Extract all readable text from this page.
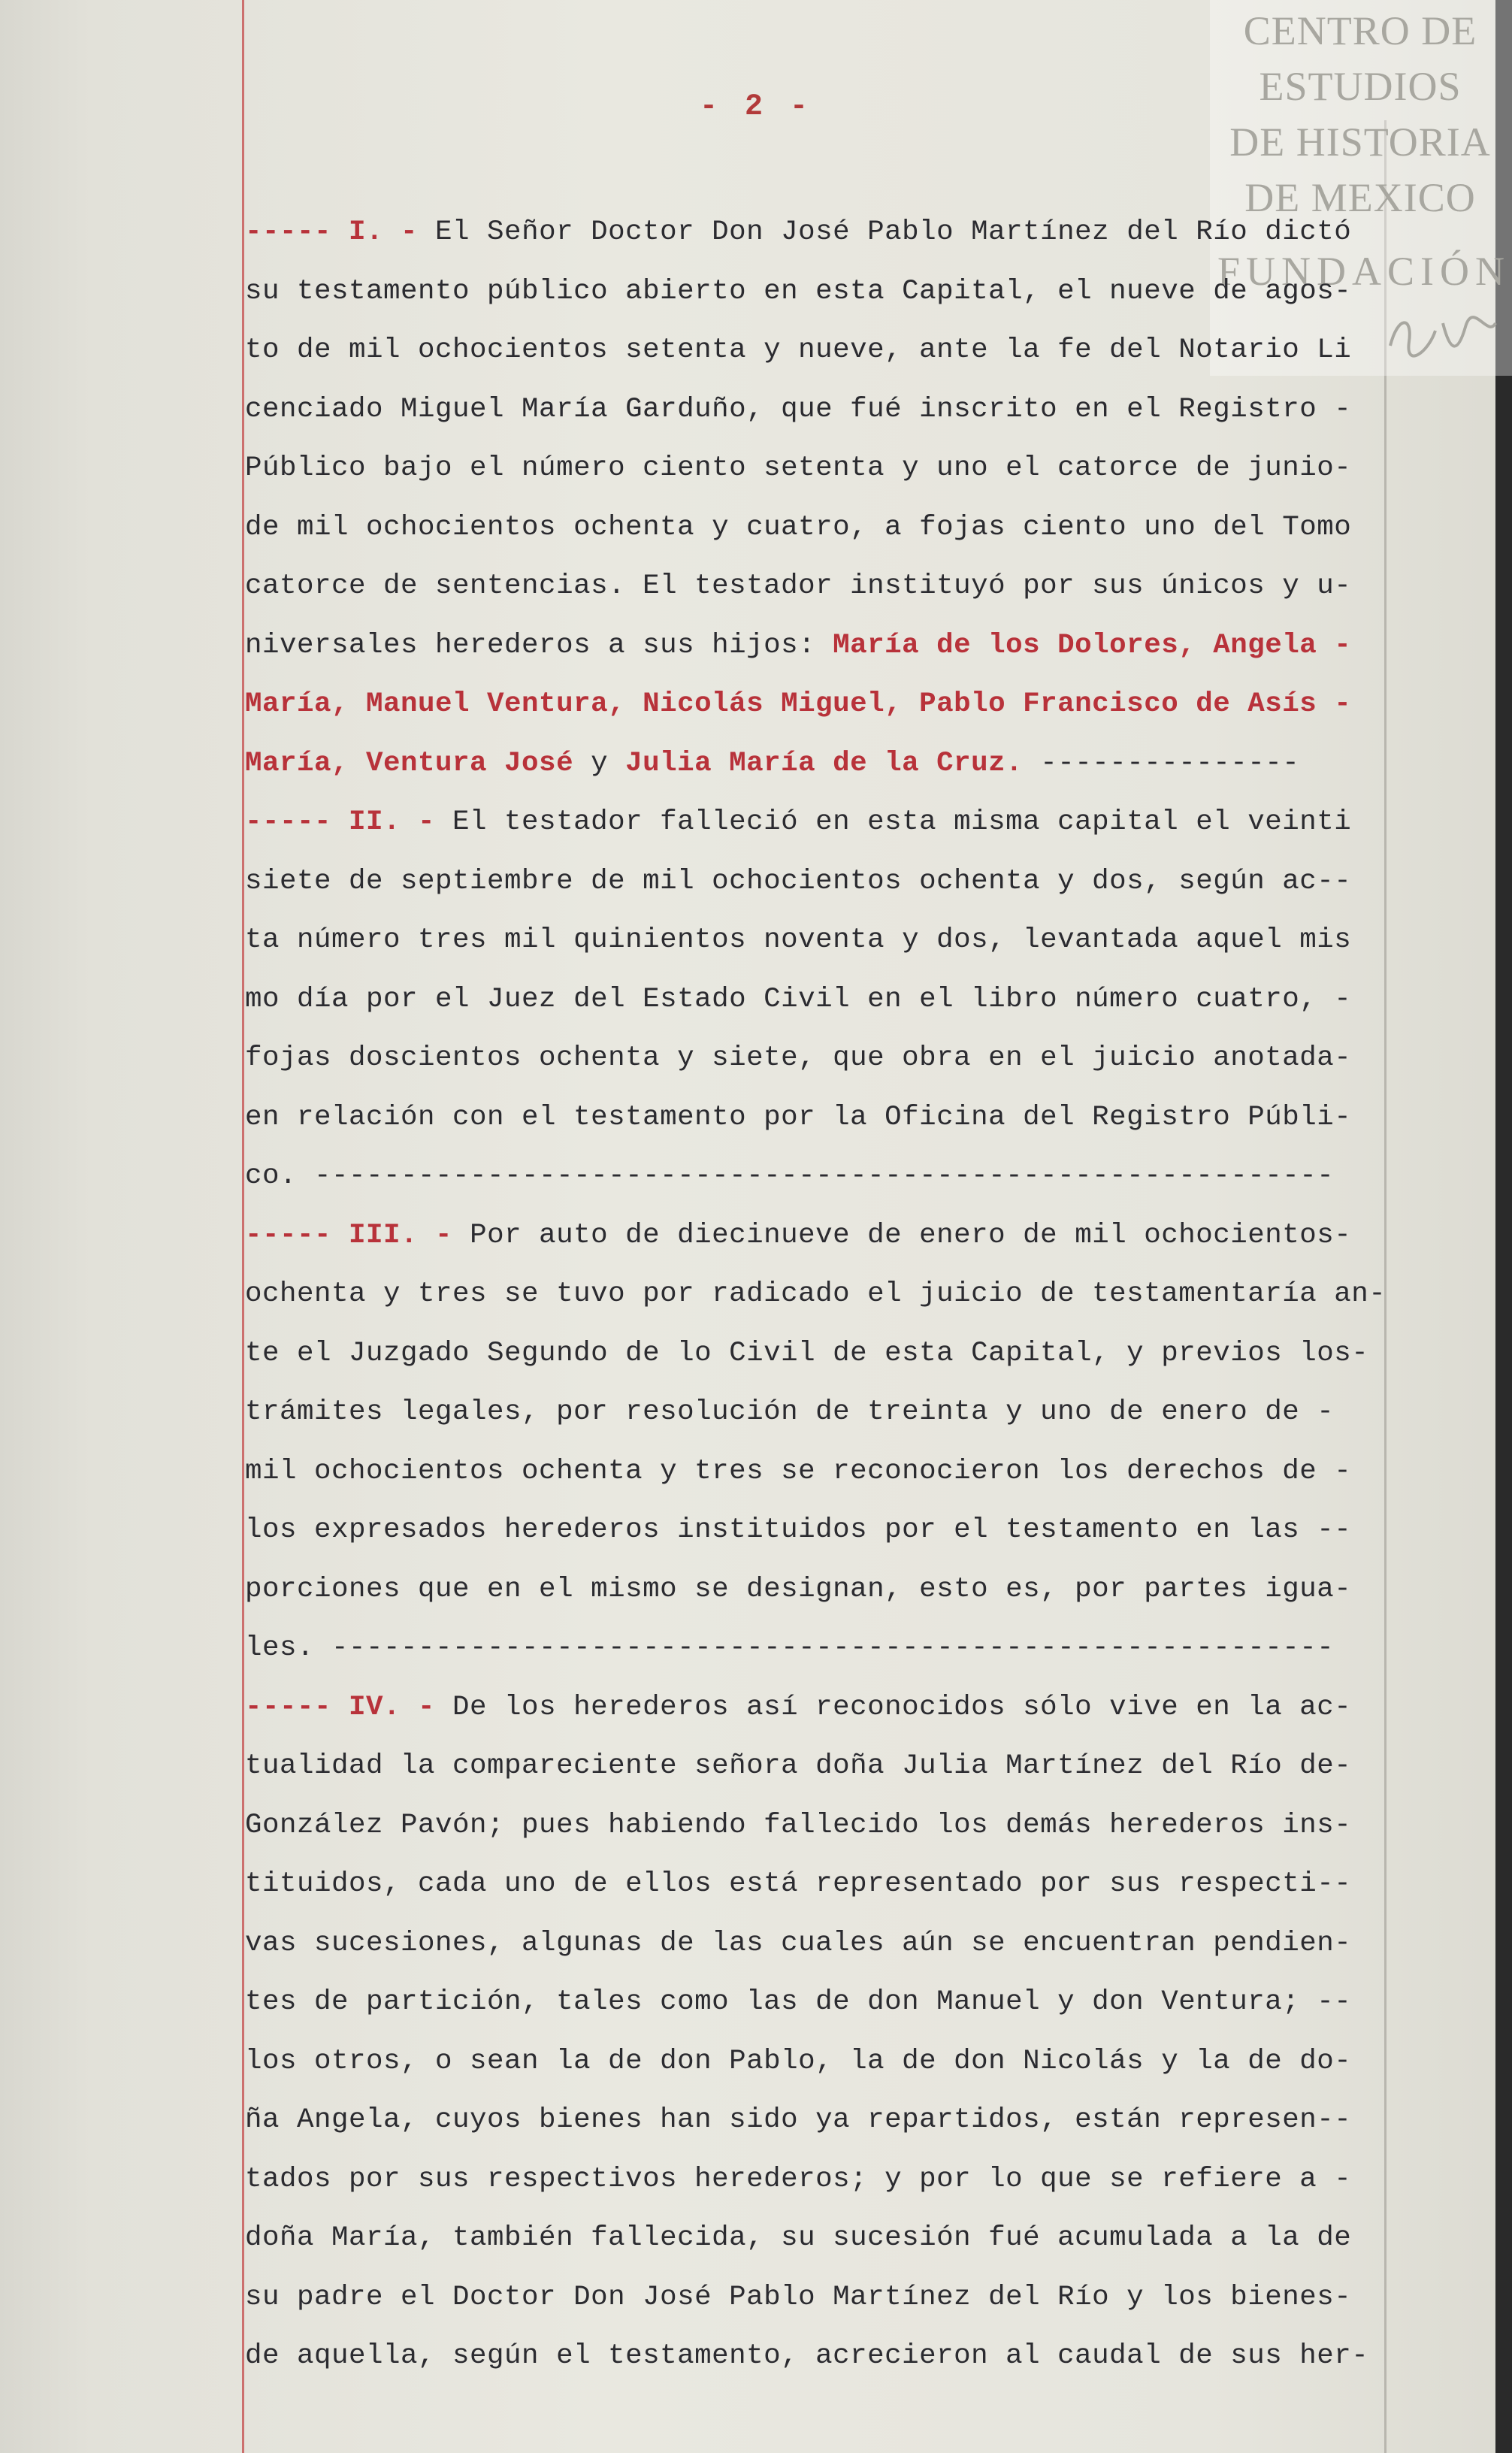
CENTRO DE
ESTUDIOS
DE HISTORIA
DE MEXICO
FUNDACIÓN
- 2 -
----- I. - El Señor Doctor Don José Pablo Martínez del Río dictó
su testamento público abierto en esta Capital, el nueve de agos-
to de mil ochocientos setenta y nueve, ante la fe del Notario Li
cenciado Miguel María Garduño, que fué inscrito en el Registro -
Público bajo el número ciento setenta y uno el catorce de junio-
de mil ochocientos ochenta y cuatro, a fojas ciento uno del Tomo
catorce de sentencias. El testador instituyó por sus únicos y u-
niversales herederos a sus hijos: María de los Dolores, Angela -
María, Manuel Ventura, Nicolás Miguel, Pablo Francisco de Asís -
María, Ventura José y Julia María de la Cruz. ---------------
----- II. - El testador falleció en esta misma capital el veinti
siete de septiembre de mil ochocientos ochenta y dos, según ac--
ta número tres mil quinientos noventa y dos, levantada aquel mis
mo día por el Juez del Estado Civil en el libro número cuatro, -
fojas doscientos ochenta y siete, que obra en el juicio anotada-
en relación con el testamento por la Oficina del Registro Públi-
co. -----------------------------------------------------------
----- III. - Por auto de diecinueve de enero de mil ochocientos-
ochenta y tres se tuvo por radicado el juicio de testamentaría an-
te el Juzgado Segundo de lo Civil de esta Capital, y previos los-
trámites legales, por resolución de treinta y uno de enero de -
mil ochocientos ochenta y tres se reconocieron los derechos de -
los expresados herederos instituidos por el testamento en las --
porciones que en el mismo se designan, esto es, por partes igua-
les. ----------------------------------------------------------
----- IV. - De los herederos así reconocidos sólo vive en la ac-
tualidad la compareciente señora doña Julia Martínez del Río de-
González Pavón; pues habiendo fallecido los demás herederos ins-
tituidos, cada uno de ellos está representado por sus respecti--
vas sucesiones, algunas de las cuales aún se encuentran pendien-
tes de partición, tales como las de don Manuel y don Ventura; --
los otros, o sean la de don Pablo, la de don Nicolás y la de do-
ña Angela, cuyos bienes han sido ya repartidos, están represen--
tados por sus respectivos herederos; y por lo que se refiere a -
doña María, también fallecida, su sucesión fué acumulada a la de
su padre el Doctor Don José Pablo Martínez del Río y los bienes-
de aquella, según el testamento, acrecieron al caudal de sus her-
